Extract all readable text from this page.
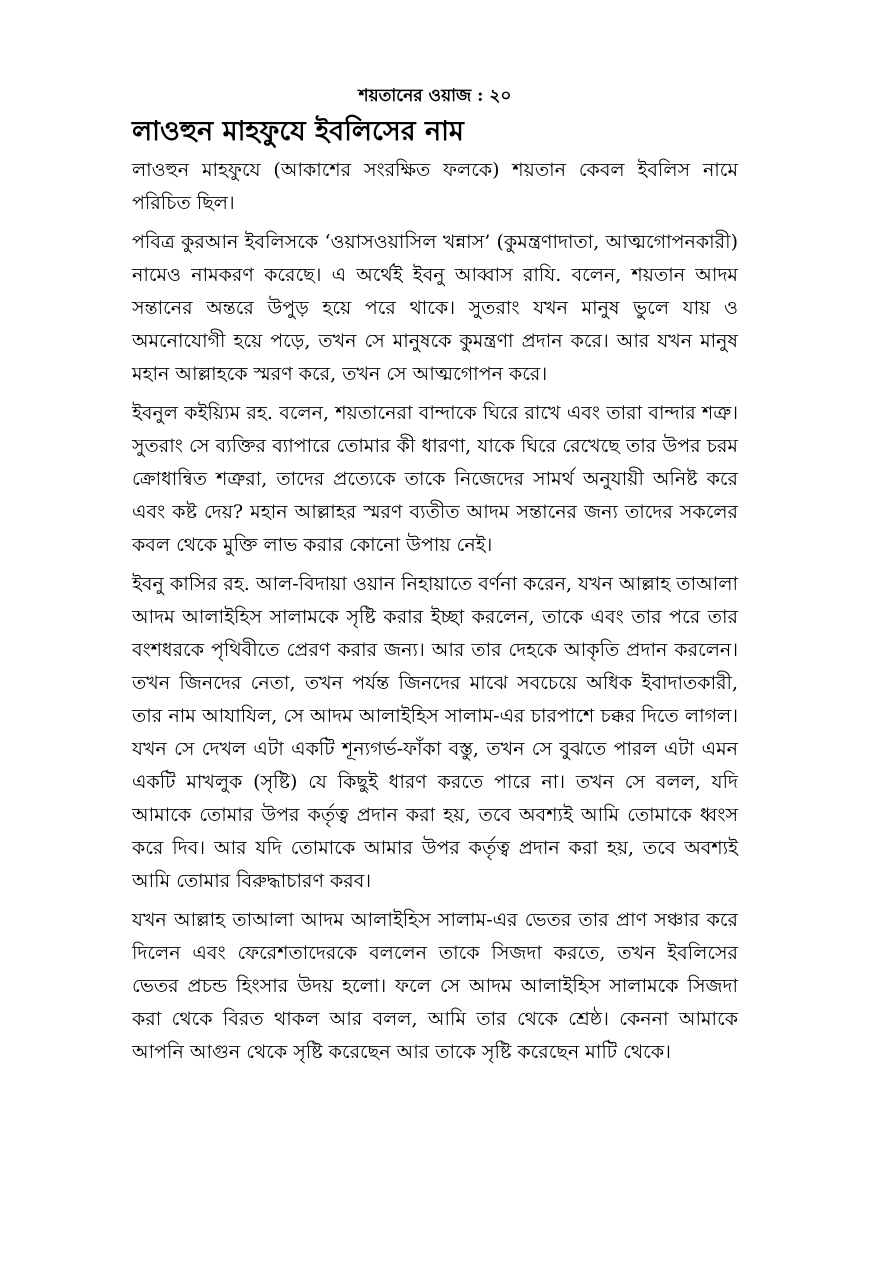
শয়তানের ওয়াজ : ২০
লাওহুন মাহফুযে ইবলিসের নাম

লাওহুন মাহফুযে (আকাশের সংরক্ষিত ফলকে) শয়তান কেবল ইবলিস নামে পরিচিত ছিল।

পবিত্র কুরআন ইবলিসকে ‘ওয়াসওয়াসিল খন্নাস’ (কুমন্ত্রণাদাতা, আত্মগোপনকারী) নামেও নামকরণ করেছে। এ অর্থেই ইবনু আব্বাস রাযি. বলেন, শয়তান আদম সন্তানের অন্তরে উপুড় হয়ে পরে থাকে। সুতরাং যখন মানুষ ভুলে যায় ও অমনোযোগী হয়ে পড়ে, তখন সে মানুষকে কুমন্ত্রণা প্রদান করে। আর যখন মানুষ মহান আল্লাহকে স্মরণ করে, তখন সে আত্মগোপন করে।

ইবনুল কইয়্যিম রহ. বলেন, শয়তানেরা বান্দাকে ঘিরে রাখে এবং তারা বান্দার শত্রু। সুতরাং সে ব্যক্তির ব্যাপারে তোমার কী ধারণা, যাকে ঘিরে রেখেছে তার উপর চরম ক্রোধান্বিত শত্রুরা, তাদের প্রত্যেকে তাকে নিজেদের সামর্থ অনুযায়ী অনিষ্ট করে এবং কষ্ট দেয়? মহান আল্লাহর স্মরণ ব্যতীত আদম সন্তানের জন্য তাদের সকলের কবল থেকে মুক্তি লাভ করার কোনো উপায় নেই।

ইবনু কাসির রহ. আল-বিদায়া ওয়ান নিহায়াতে বর্ণনা করেন, যখন আল্লাহ তাআলা আদম আলাইহিস সালামকে সৃষ্টি করার ইচ্ছা করলেন, তাকে এবং তার পরে তার বংশধরকে পৃথিবীতে প্রেরণ করার জন্য। আর তার দেহকে আকৃতি প্রদান করলেন। তখন জিনদের নেতা, তখন পর্যন্ত জিনদের মাঝে সবচেয়ে অধিক ইবাদাতকারী, তার নাম আযাযিল, সে আদম আলাইহিস সালাম-এর চারপাশে চক্কর দিতে লাগল। যখন সে দেখল এটা একটি শূন্যগর্ভ-ফাঁকা বস্তু, তখন সে বুঝতে পারল এটা এমন একটি মাখলুক (সৃষ্টি) যে কিছুই ধারণ করতে পারে না। তখন সে বলল, যদি আমাকে তোমার উপর কর্তৃত্ব প্রদান করা হয়, তবে অবশ্যই আমি তোমাকে ধ্বংস করে দিব। আর যদি তোমাকে আমার উপর কর্তৃত্ব প্রদান করা হয়, তবে অবশ্যই আমি তোমার বিরুদ্ধাচারণ করব।

যখন আল্লাহ তাআলা আদম আলাইহিস সালাম-এর ভেতর তার প্রাণ সঞ্চার করে দিলেন এবং ফেরেশতাদেরকে বললেন তাকে সিজদা করতে, তখন ইবলিসের ভেতর প্রচন্ড হিংসার উদয় হলো। ফলে সে আদম আলাইহিস সালামকে সিজদা করা থেকে বিরত থাকল আর বলল, আমি তার থেকে শ্রেষ্ঠ। কেননা আমাকে আপনি আগুন থেকে সৃষ্টি করেছেন আর তাকে সৃষ্টি করেছেন মাটি থেকে।
